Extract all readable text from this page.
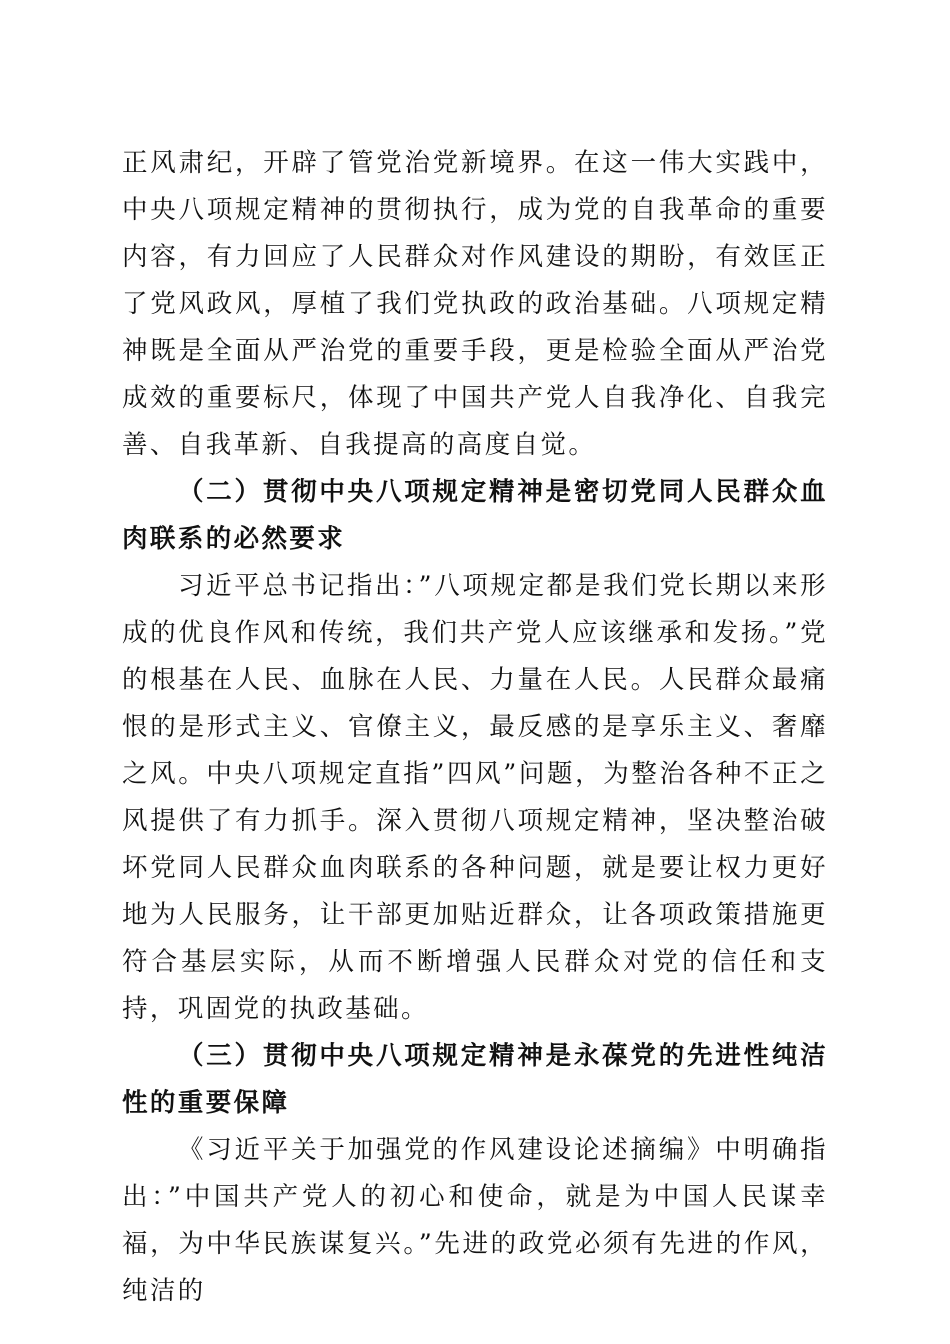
正风肃纪，开辟了管党治党新境界。在这一伟大实践中，中央八项规定精神的贯彻执行，成为党的自我革命的重要内容，有力回应了人民群众对作风建设的期盼，有效匡正了党风政风，厚植了我们党执政的政治基础。八项规定精神既是全面从严治党的重要手段，更是检验全面从严治党成效的重要标尺，体现了中国共产党人自我净化、自我完善、自我革新、自我提高的高度自觉。

（二）贯彻中央八项规定精神是密切党同人民群众血肉联系的必然要求

习近平总书记指出：”八项规定都是我们党长期以来形成的优良作风和传统，我们共产党人应该继承和发扬。”党的根基在人民、血脉在人民、力量在人民。人民群众最痛恨的是形式主义、官僚主义，最反感的是享乐主义、奢靡之风。中央八项规定直指”四风”问题，为整治各种不正之风提供了有力抓手。深入贯彻八项规定精神，坚决整治破坏党同人民群众血肉联系的各种问题，就是要让权力更好地为人民服务，让干部更加贴近群众，让各项政策措施更符合基层实际，从而不断增强人民群众对党的信任和支持，巩固党的执政基础。

（三）贯彻中央八项规定精神是永葆党的先进性纯洁性的重要保障

《习近平关于加强党的作风建设论述摘编》中明确指出：”中国共产党人的初心和使命，就是为中国人民谋幸福，为中华民族谋复兴。”先进的政党必须有先进的作风，纯洁的
